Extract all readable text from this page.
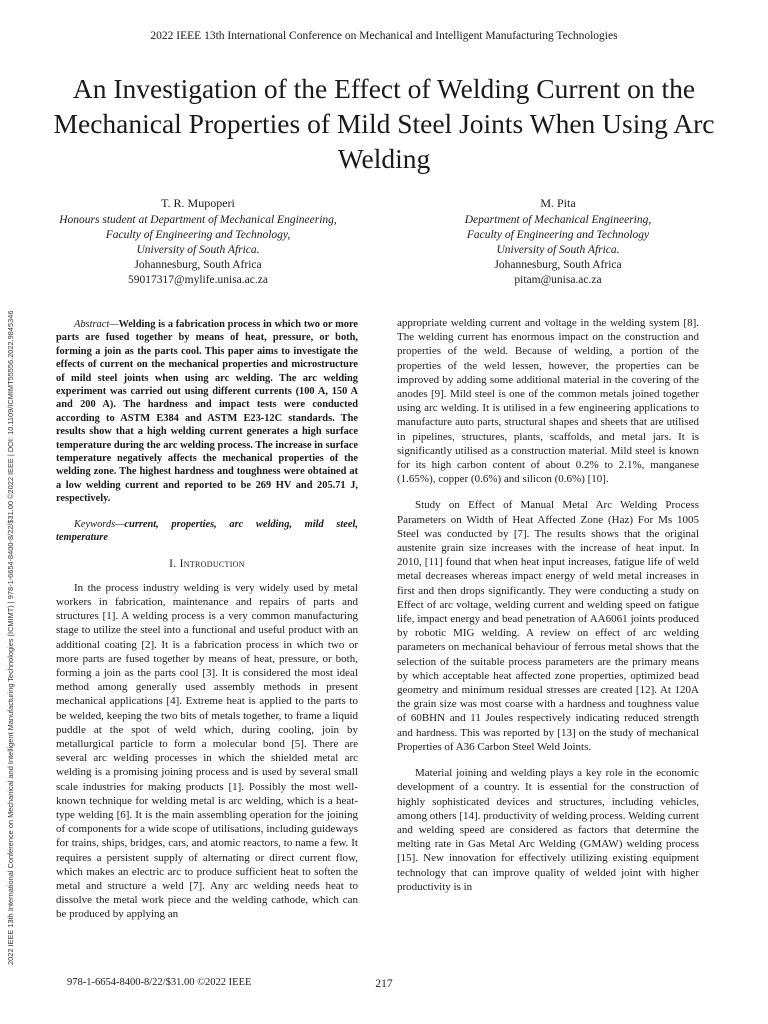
2022 IEEE 13th International Conference on Mechanical and Intelligent Manufacturing Technologies
2022 IEEE 13th International Conference on Mechanical and Intelligent Manufacturing Technologies (ICMIMT) | 978-1-6654-8400-8/22/$31.00 ©2022 IEEE | DOI: 10.1109/ICMIMT55556.2022.9845346
An Investigation of the Effect of Welding Current on the Mechanical Properties of Mild Steel Joints When Using Arc Welding
T. R. Mupoperi
Honours student at Department of Mechanical Engineering,
Faculty of Engineering and Technology,
University of South Africa.
Johannesburg, South Africa
59017317@mylife.unisa.ac.za
M. Pita
Department of Mechanical Engineering,
Faculty of Engineering and Technology
University of South Africa.
Johannesburg, South Africa
pitam@unisa.ac.za

Abstract—Welding is a fabrication process in which two or more parts are fused together by means of heat, pressure, or both, forming a join as the parts cool. This paper aims to investigate the effects of current on the mechanical properties and microstructure of mild steel joints when using arc welding. The arc welding experiment was carried out using different currents (100 A, 150 A and 200 A). The hardness and impact tests were conducted according to ASTM E384 and ASTM E23-12C standards. The results show that a high welding current generates a high surface temperature during the arc welding process. The increase in surface temperature negatively affects the mechanical properties of the welding zone. The highest hardness and toughness were obtained at a low welding current and reported to be 269 HV and 205.71 J, respectively.

Keywords—current, properties, arc welding, mild steel, temperature

I. Introduction

In the process industry welding is very widely used by metal workers in fabrication, maintenance and repairs of parts and structures [1]. A welding process is a very common manufacturing stage to utilize the steel into a functional and useful product with an additional coating [2]. It is a fabrication process in which two or more parts are fused together by means of heat, pressure, or both, forming a join as the parts cool [3]. It is considered the most ideal method among generally used assembly methods in present mechanical applications [4]. Extreme heat is applied to the parts to be welded, keeping the two bits of metals together, to frame a liquid puddle at the spot of weld which, during cooling, join by metallurgical particle to form a molecular bond [5]. There are several arc welding processes in which the shielded metal arc welding is a promising joining process and is used by several small scale industries for making products [1]. Possibly the most well-known technique for welding metal is arc welding, which is a heat-type welding [6]. It is the main assembling operation for the joining of components for a wide scope of utilisations, including guideways for trains, ships, bridges, cars, and atomic reactors, to name a few. It requires a persistent supply of alternating or direct current flow, which makes an electric arc to produce sufficient heat to soften the metal and structure a weld [7]. Any arc welding needs heat to dissolve the metal work piece and the welding cathode, which can be produced by applying an

appropriate welding current and voltage in the welding system [8]. The welding current has enormous impact on the construction and properties of the weld. Because of welding, a portion of the properties of the weld lessen, however, the properties can be improved by adding some additional material in the covering of the anodes [9]. Mild steel is one of the common metals joined together using arc welding. It is utilised in a few engineering applications to manufacture auto parts, structural shapes and sheets that are utilised in pipelines, structures, plants, scaffolds, and metal jars. It is significantly utilised as a construction material. Mild steel is known for its high carbon content of about 0.2% to 2.1%, manganese (1.65%), copper (0.6%) and silicon (0.6%) [10].

Study on Effect of Manual Metal Arc Welding Process Parameters on Width of Heat Affected Zone (Haz) For Ms 1005 Steel was conducted by [7]. The results shows that the original austenite grain size increases with the increase of heat input. In 2010, [11] found that when heat input increases, fatigue life of weld metal decreases whereas impact energy of weld metal increases in first and then drops significantly. They were conducting a study on Effect of arc voltage, welding current and welding speed on fatigue life, impact energy and bead penetration of AA6061 joints produced by robotic MIG welding. A review on effect of arc welding parameters on mechanical behaviour of ferrous metal shows that the selection of the suitable process parameters are the primary means by which acceptable heat affected zone properties, optimized bead geometry and minimum residual stresses are created [12]. At 120A the grain size was most coarse with a hardness and toughness value of 60BHN and 11 Joules respectively indicating reduced strength and hardness. This was reported by [13] on the study of mechanical Properties of A36 Carbon Steel Weld Joints.

Material joining and welding plays a key role in the economic development of a country. It is essential for the construction of highly sophisticated devices and structures, including vehicles, among others [14]. productivity of welding process. Welding current and welding speed are considered as factors that determine the melting rate in Gas Metal Arc Welding (GMAW) welding process [15]. New innovation for effectively utilizing existing equipment technology that can improve quality of welded joint with higher productivity is in

978-1-6654-8400-8/22/$31.00 ©2022 IEEE	217
